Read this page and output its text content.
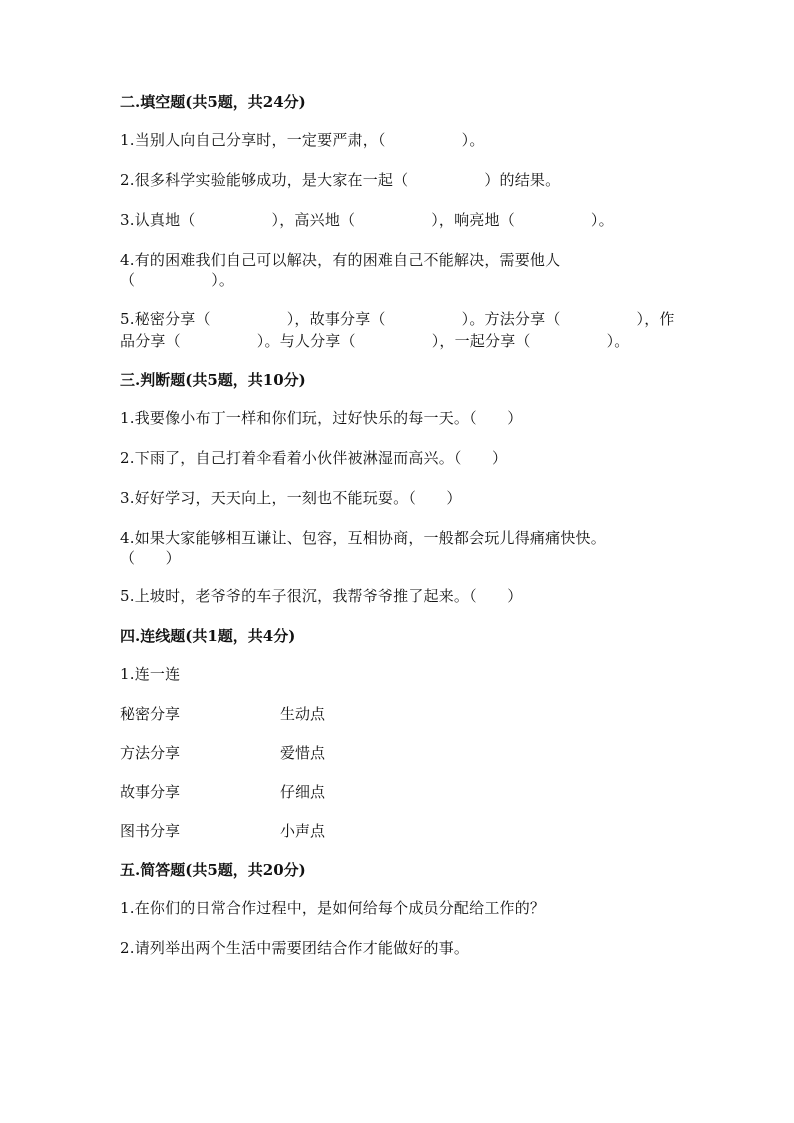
二.填空题(共5题，共24分)
1.当别人向自己分享时，一定要严肃，（　　　　　）。
2.很多科学实验能够成功，是大家在一起（　　　　　）的结果。
3.认真地（　　　　　），高兴地（　　　　　），响亮地（　　　　　）。
4.有的困难我们自己可以解决，有的困难自己不能解决，需要他人（　　　　　）。
5.秘密分享（　　　　　），故事分享（　　　　　）。方法分享（　　　　　），作品分享（　　　　　）。与人分享（　　　　　），一起分享（　　　　　）。
三.判断题(共5题，共10分)
1.我要像小布丁一样和你们玩，过好快乐的每一天。（　　）
2.下雨了，自己打着伞看着小伙伴被淋湿而高兴。（　　）
3.好好学习，天天向上，一刻也不能玩耍。（　　）
4.如果大家能够相互谦让、包容，互相协商，一般都会玩儿得痛痛快快。（　　）
5.上坡时，老爷爷的车子很沉，我帮爷爷推了起来。（　　）
四.连线题(共1题，共4分)
1.连一连
秘密分享	生动点
方法分享	爱惜点
故事分享	仔细点
图书分享	小声点
五.简答题(共5题，共20分)
1.在你们的日常合作过程中，是如何给每个成员分配给工作的？
2.请列举出两个生活中需要团结合作才能做好的事。
